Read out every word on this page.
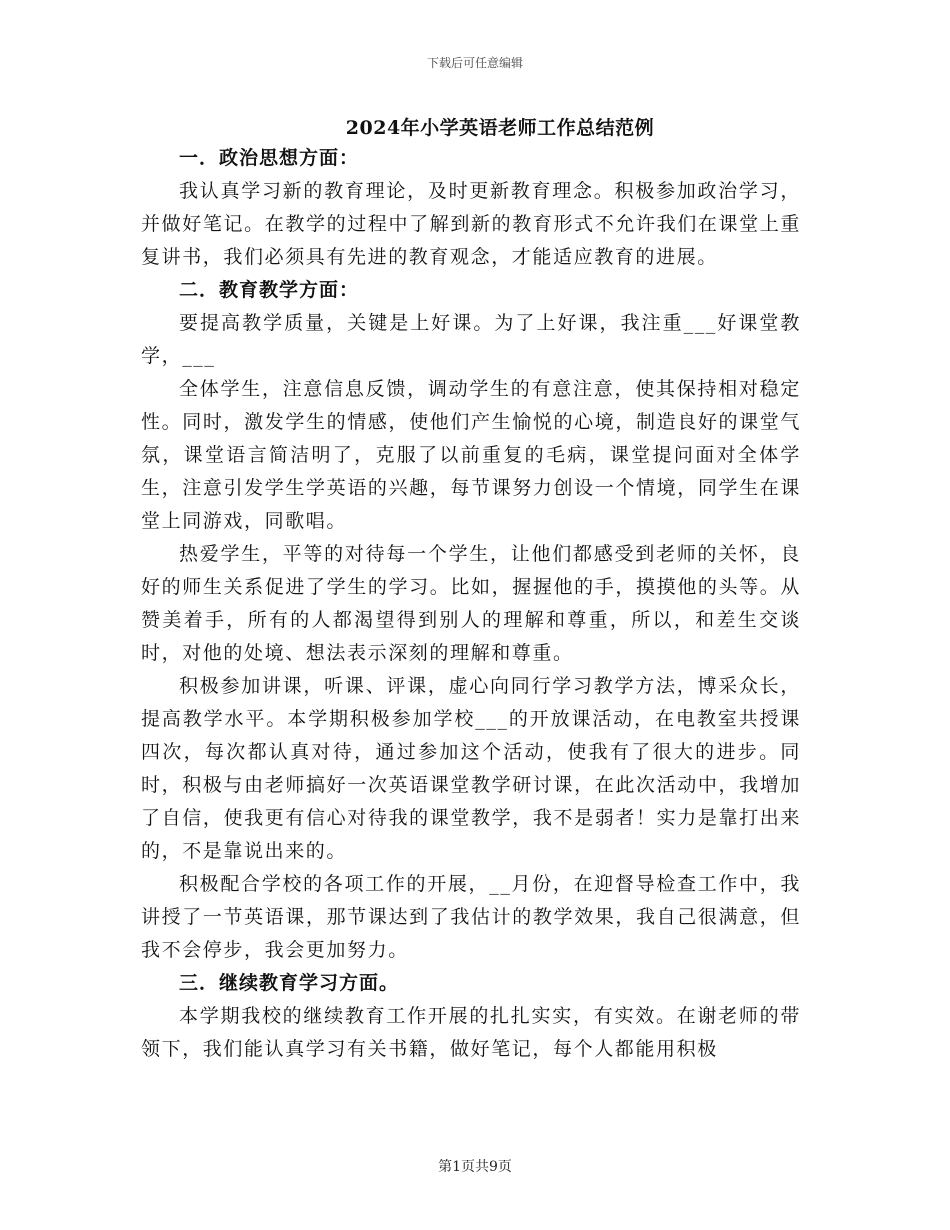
下载后可任意编辑
2024年小学英语老师工作总结范例

一．政治思想方面：

我认真学习新的教育理论，及时更新教育理念。积极参加政治学习，并做好笔记。在教学的过程中了解到新的教育形式不允许我们在课堂上重复讲书，我们必须具有先进的教育观念，才能适应教育的进展。

二．教育教学方面：

要提高教学质量，关键是上好课。为了上好课，我注重___好课堂教学，___

全体学生，注意信息反馈，调动学生的有意注意，使其保持相对稳定性。同时，激发学生的情感，使他们产生愉悦的心境，制造良好的课堂气氛，课堂语言简洁明了，克服了以前重复的毛病，课堂提问面对全体学生，注意引发学生学英语的兴趣，每节课努力创设一个情境，同学生在课堂上同游戏，同歌唱。

热爱学生，平等的对待每一个学生，让他们都感受到老师的关怀，良好的师生关系促进了学生的学习。比如，握握他的手，摸摸他的头等。从赞美着手，所有的人都渴望得到别人的理解和尊重，所以，和差生交谈时，对他的处境、想法表示深刻的理解和尊重。

积极参加讲课，听课、评课，虚心向同行学习教学方法，博采众长，提高教学水平。本学期积极参加学校___的开放课活动，在电教室共授课四次，每次都认真对待，通过参加这个活动，使我有了很大的进步。同时，积极与由老师搞好一次英语课堂教学研讨课，在此次活动中，我增加了自信，使我更有信心对待我的课堂教学，我不是弱者！实力是靠打出来的，不是靠说出来的。

积极配合学校的各项工作的开展，__月份，在迎督导检查工作中，我讲授了一节英语课，那节课达到了我估计的教学效果，我自己很满意，但我不会停步，我会更加努力。

三．继续教育学习方面。

本学期我校的继续教育工作开展的扎扎实实，有实效。在谢老师的带领下，我们能认真学习有关书籍，做好笔记，每个人都能用积极

第1页共9页
